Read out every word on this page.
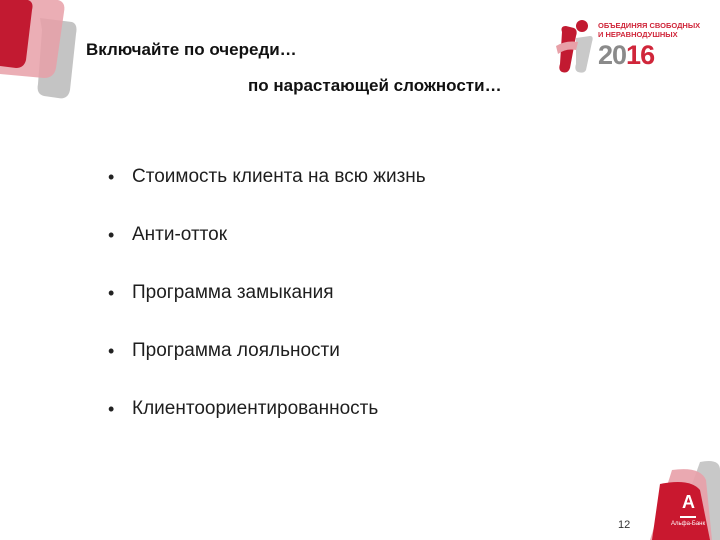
Включайте по очереди…
по нарастающей сложности…
• Стоимость клиента на всю жизнь
• Анти-отток
• Программа замыкания
• Программа лояльности
• Клиентоориентированность
ОБЪЕДИНЯЯ СВОБОДНЫХ
И НЕРАВНОДУШНЫХ
2016
А
Альфа-Банк
12
